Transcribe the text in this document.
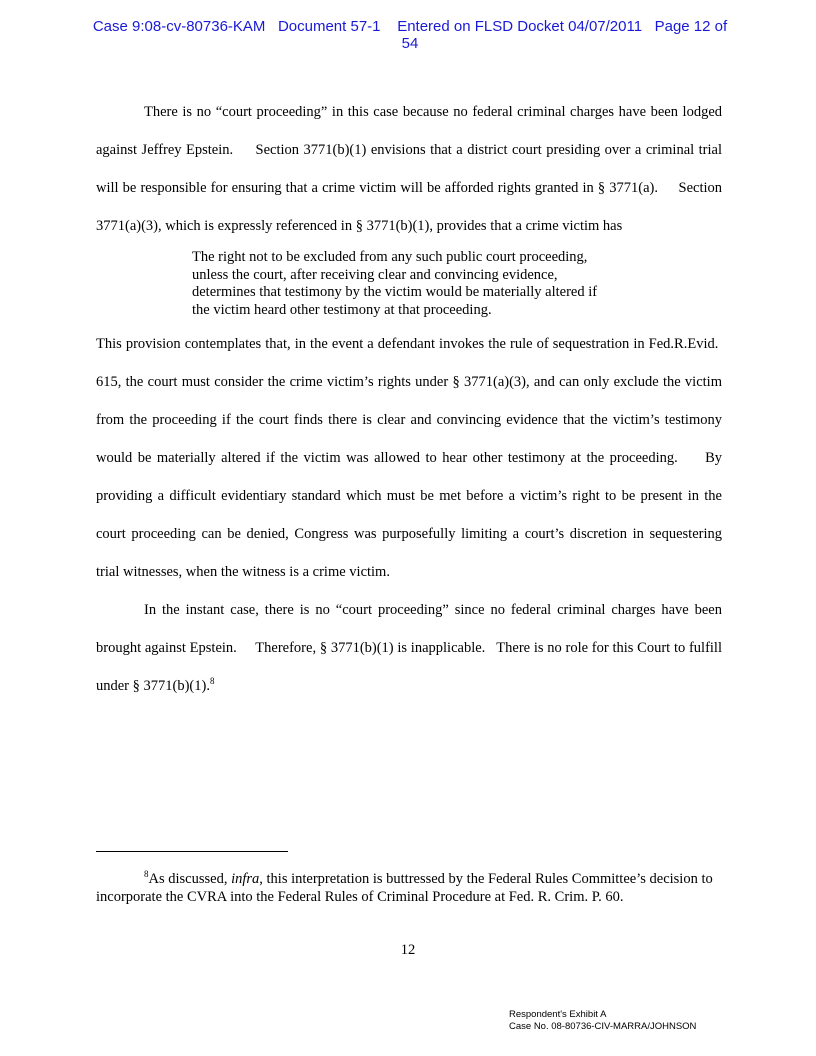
Case 9:08-cv-80736-KAM Document 57-1 Entered on FLSD Docket 04/07/2011 Page 12 of
54

There is no “court proceeding” in this case because no federal criminal charges have been lodged against Jeffrey Epstein.     Section 3771(b)(1) envisions that a district court presiding over a criminal trial will be responsible for ensuring that a crime victim will be afforded rights granted in § 3771(a).     Section 3771(a)(3), which is expressly referenced in § 3771(b)(1), provides that a crime victim has

The right not to be excluded from any such public court proceeding, unless the court, after receiving clear and convincing evidence, determines that testimony by the victim would be materially altered if the victim heard other testimony at that proceeding.

This provision contemplates that, in the event a defendant invokes the rule of sequestration in Fed.R.Evid.  615, the court must consider the crime victim’s rights under § 3771(a)(3), and can only exclude the victim from the proceeding if the court finds there is clear and convincing evidence that the victim’s testimony would be materially altered if the victim was allowed to hear other testimony at the proceeding.     By providing a difficult evidentiary standard which must be met before a victim’s right to be present in the court proceeding can be denied, Congress was purposefully limiting a court’s discretion in sequestering trial witnesses, when the witness is a crime victim.

In the instant case, there is no “court proceeding” since no federal criminal charges have been brought against Epstein.     Therefore, § 3771(b)(1) is inapplicable.   There is no role for this Court to fulfill under § 3771(b)(1).$^8$

$^8$As discussed, infra, this interpretation is buttressed by the Federal Rules Committee’s decision to incorporate the CVRA into the Federal Rules of Criminal Procedure at Fed. R. Crim. P. 60.

12

Respondent's Exhibit A
Case No. 08-80736-CIV-MARRA/JOHNSON
